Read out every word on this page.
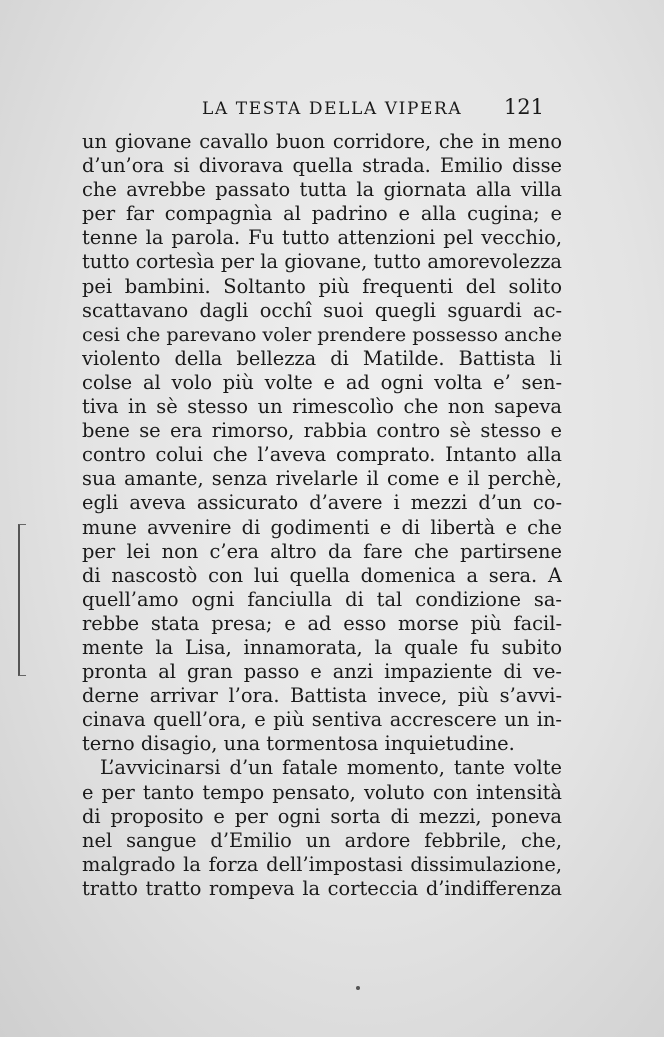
LA TESTA DELLA VIPERA 121
un giovane cavallo buon corridore, che in meno
d’un’ora si divorava quella strada. Emilio disse
che avrebbe passato tutta la giornata alla villa
per far compagnìa al padrino e alla cugina; e
tenne la parola. Fu tutto attenzioni pel vecchio,
tutto cortesìa per la giovane, tutto amorevolezza
pei bambini. Soltanto più frequenti del solito
scattavano dagli occhî suoi quegli sguardi ac-
cesi che parevano voler prendere possesso anche
violento della bellezza di Matilde. Battista li
colse al volo più volte e ad ogni volta e’ sen-
tiva in sè stesso un rimescolìo che non sapeva
bene se era rimorso, rabbia contro sè stesso e
contro colui che l’aveva comprato. Intanto alla
sua amante, senza rivelarle il come e il perchè,
egli aveva assicurato d’avere i mezzi d’un co-
mune avvenire di godimenti e di libertà e che
per lei non c’era altro da fare che partirsene
di nascostò con lui quella domenica a sera. A
quell’amo ogni fanciulla di tal condizione sa-
rebbe stata presa; e ad esso morse più facil-
mente la Lisa, innamorata, la quale fu subito
pronta al gran passo e anzi impaziente di ve-
derne arrivar l’ora. Battista invece, più s’avvi-
cinava quell’ora, e più sentiva accrescere un in-
terno disagio, una tormentosa inquietudine.
L’avvicinarsi d’un fatale momento, tante volte
e per tanto tempo pensato, voluto con intensità
di proposito e per ogni sorta di mezzi, poneva
nel sangue d’Emilio un ardore febbrile, che,
malgrado la forza dell’impostasi dissimulazione,
tratto tratto rompeva la corteccia d’indifferenza
